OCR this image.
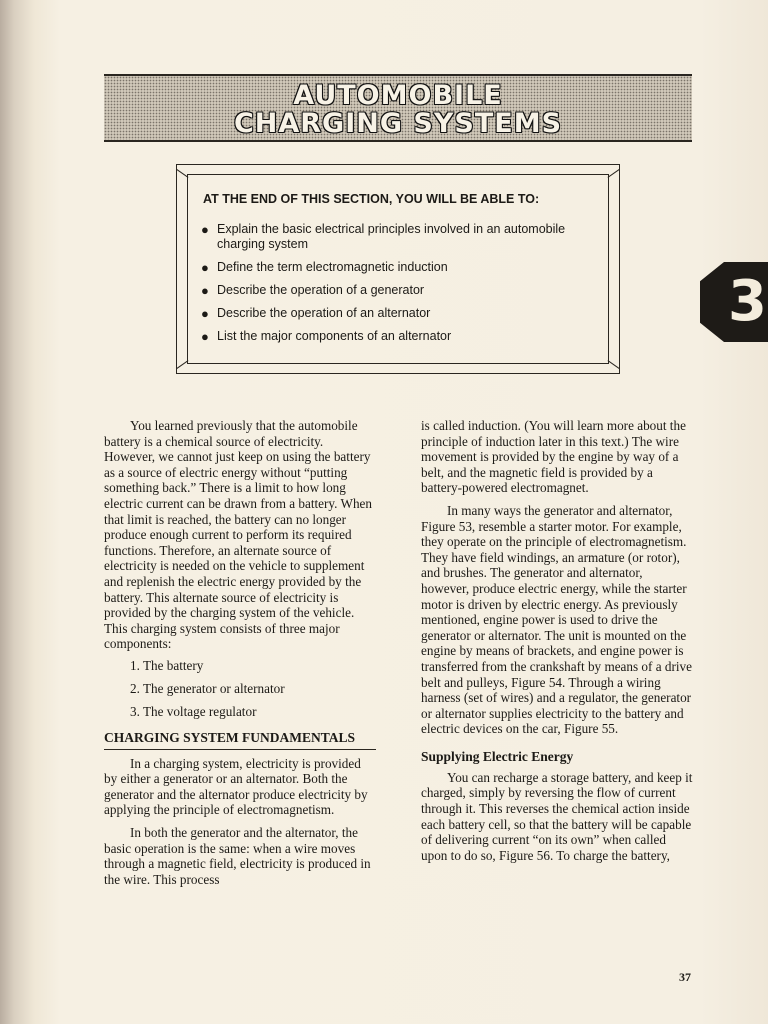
AUTOMOBILE
CHARGING SYSTEMS
AT THE END OF THIS SECTION, YOU WILL BE ABLE TO:
● Explain the basic electrical principles involved in an automobile charging system
● Define the term electromagnetic induction
● Describe the operation of a generator
● Describe the operation of an alternator
● List the major components of an alternator
3

You learned previously that the automobile battery is a chemical source of electricity. However, we cannot just keep on using the battery as a source of electric energy without “putting something back.” There is a limit to how long electric current can be drawn from a battery. When that limit is reached, the battery can no longer produce enough current to perform its required functions. Therefore, an alternate source of electricity is needed on the vehicle to supplement and replenish the electric energy provided by the battery. This alternate source of electricity is provided by the charging system of the vehicle. This charging system consists of three major components:

1. The battery
2. The generator or alternator
3. The voltage regulator
CHARGING SYSTEM FUNDAMENTALS

In a charging system, electricity is provided by either a generator or an alternator. Both the generator and the alternator produce electricity by applying the principle of electromagnetism.

In both the generator and the alternator, the basic operation is the same: when a wire moves through a magnetic field, electricity is produced in the wire. This process

is called induction. (You will learn more about the principle of induction later in this text.) The wire movement is provided by the engine by way of a belt, and the magnetic field is provided by a battery-powered electromagnet.

In many ways the generator and alternator, Figure 53, resemble a starter motor. For example, they operate on the principle of electromagnetism. They have field windings, an armature (or rotor), and brushes. The generator and alternator, however, produce electric energy, while the starter motor is driven by electric energy. As previously mentioned, engine power is used to drive the generator or alternator. The unit is mounted on the engine by means of brackets, and engine power is transferred from the crankshaft by means of a drive belt and pulleys, Figure 54. Through a wiring harness (set of wires) and a regulator, the generator or alternator supplies electricity to the battery and electric devices on the car, Figure 55.

Supplying Electric Energy

You can recharge a storage battery, and keep it charged, simply by reversing the flow of current through it. This reverses the chemical action inside each battery cell, so that the battery will be capable of delivering current “on its own” when called upon to do so, Figure 56. To charge the battery,

37
